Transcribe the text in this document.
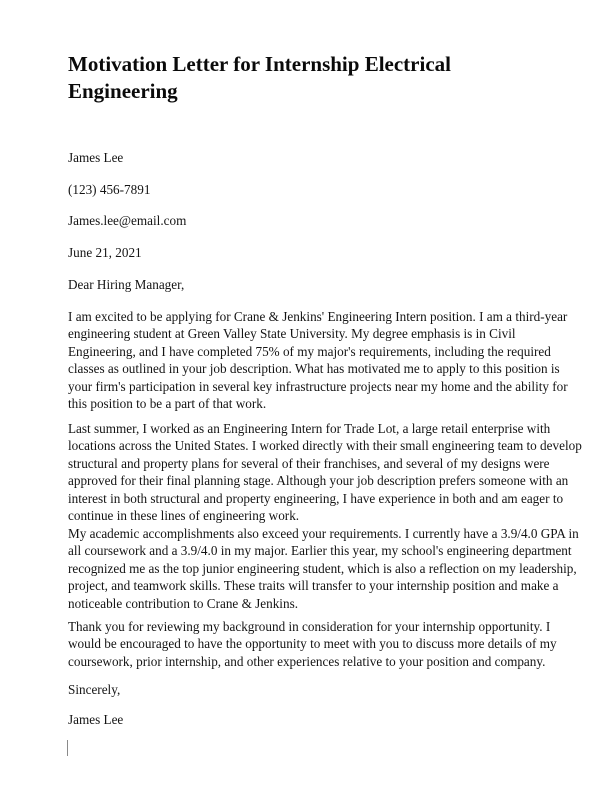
Motivation Letter for Internship Electrical Engineering
James Lee
(123) 456-7891
James.lee@email.com
June 21, 2021
Dear Hiring Manager,
I am excited to be applying for Crane & Jenkins' Engineering Intern position. I am a third-year
engineering student at Green Valley State University. My degree emphasis is in Civil
Engineering, and I have completed 75% of my major's requirements, including the required
classes as outlined in your job description. What has motivated me to apply to this position is
your firm's participation in several key infrastructure projects near my home and the ability for
this position to be a part of that work.
Last summer, I worked as an Engineering Intern for Trade Lot, a large retail enterprise with
locations across the United States. I worked directly with their small engineering team to develop
structural and property plans for several of their franchises, and several of my designs were
approved for their final planning stage. Although your job description prefers someone with an
interest in both structural and property engineering, I have experience in both and am eager to
continue in these lines of engineering work.
My academic accomplishments also exceed your requirements. I currently have a 3.9/4.0 GPA in
all coursework and a 3.9/4.0 in my major. Earlier this year, my school's engineering department
recognized me as the top junior engineering student, which is also a reflection on my leadership,
project, and teamwork skills. These traits will transfer to your internship position and make a
noticeable contribution to Crane & Jenkins.
Thank you for reviewing my background in consideration for your internship opportunity. I
would be encouraged to have the opportunity to meet with you to discuss more details of my
coursework, prior internship, and other experiences relative to your position and company.
Sincerely,
James Lee
